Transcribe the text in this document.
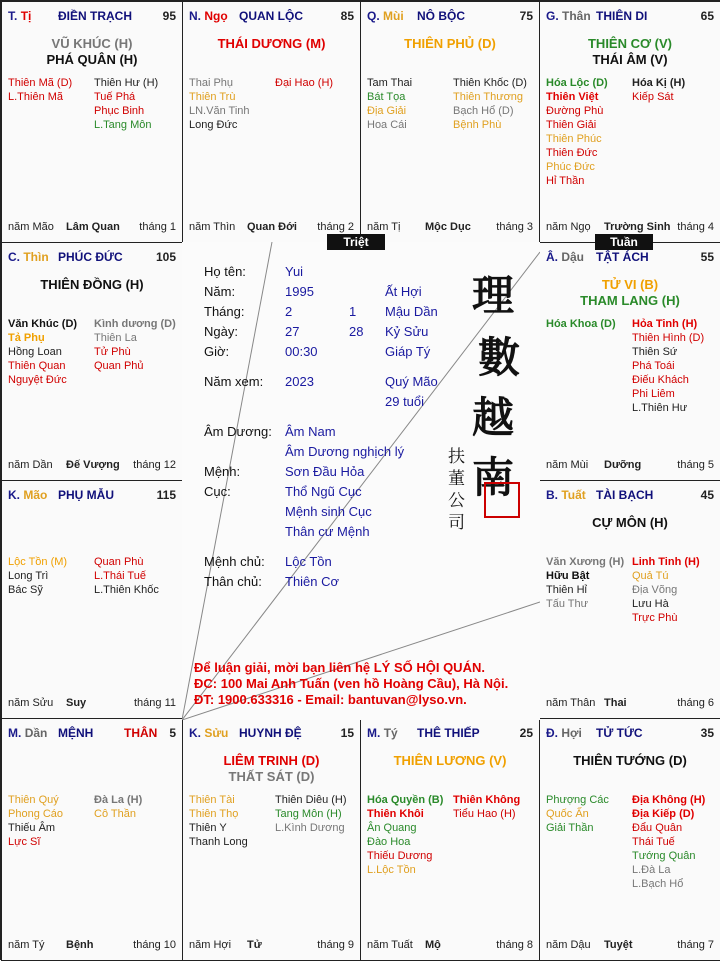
T. Tị ĐIỀN TRẠCH	95
VŨ KHÚC (H)
PHÁ QUÂN (H)
Thiên Mã (D)
L.Thiên Mã
Thiên Hư (H)
Tuế Phá
Phục Binh
L.Tang Môn
năm Mão Lâm Quan tháng 1
N. Ngọ QUAN LỘC	85
THÁI DƯƠNG (M)
Thai Phụ
Thiên Trù
LN.Văn Tinh
Long Đức
Đại Hao (H)
năm Thìn Quan Đới tháng 2
Q. Mùi NÔ BỘC	75
THIÊN PHỦ (D)
Tam Thai
Bát Tọa
Địa Giải
Hoa Cái
Thiên Khốc (D)
Thiên Thương
Bạch Hổ (D)
Bệnh Phù
năm Tị Mộc Dục tháng 3
G. Thân THIÊN DI	65
THIÊN CƠ (V)
THÁI ÂM (V)
Hóa Lộc (D)
Thiên Việt
Đường Phù
Thiên Giải
Thiên Phúc
Thiên Đức
Phúc Đức
Hỉ Thần
Hóa Kị (H)
Kiếp Sát
năm Ngọ Trường Sinh tháng 4
C. Thìn PHÚC ĐỨC	105
THIÊN ĐỒNG (H)
Văn Khúc (D)
Tả Phụ
Hồng Loan
Thiên Quan
Nguyệt Đức
Kình dương (D)
Thiên La
Tử Phù
Quan Phủ
năm Dần Đế Vượng tháng 12
Â. Dậu TẬT ÁCH	55
TỬ VI (B)
THAM LANG (H)
Hóa Khoa (D) Hỏa Tinh (H)
Thiên Hình (D)
Thiên Sứ
Phá Toái
Điếu Khách
Phi Liêm
L.Thiên Hư
năm Mùi Dưỡng	tháng 5
K. Mão PHỤ MẪU	115
Lộc Tồn (M)
Long Trì
Bác Sỹ
Quan Phù
L.Thái Tuế
L.Thiên Khốc
năm Sửu Suy	tháng 11
B. Tuất TÀI BẠCH	45
CỰ MÔN (H)
Văn Xương (H)
Hữu Bật
Thiên Hỉ
Tấu Thư
Linh Tinh (H)
Quả Tú
Địa Võng
Lưu Hà
Trực Phù
năm Thân Thai	tháng 6
M. Dần MỆNH	5
Thiên Quý
Phong Cáo
Thiếu Âm
Lực Sĩ
Đà La (H)
Cô Thần
năm Tý Bệnh	tháng 10
THÂN	K. Sửu HUYNH ĐỆ	15
LIÊM TRINH (D)
THẤT SÁT (D)
Thiên Tài
Thiên Thọ
Thiên Y
Thanh Long
Thiên Diêu (H)
Tang Môn (H)
L.Kình Dương
năm Hợi Tử	tháng 9
M. Tý THÊ THIẾP	25
THIÊN LƯƠNG (V)
Hóa Quyền (B)
Thiên Khôi
Ân Quang
Đào Hoa
Thiếu Dương
L.Lộc Tồn
Thiên Không
Tiểu Hao (H)
năm Tuất Mộ	tháng 8
Đ. Hợi TỬ TỨC	35
THIÊN TƯỚNG (D)
Phượng Các
Quốc Ấn
Giải Thần
Địa Không (H)
Địa Kiếp (D)
Đẩu Quân
Thái Tuế
Tướng Quân
L.Đà La
L.Bạch Hổ
năm Dậu Tuyệt	tháng 7
Họ tên:	Yui
Năm:	1995	Ất Hợi
Tháng:	2	1 Mậu Dần
Ngày:	27	28 Kỷ Sửu
Giờ:	00:30	Giáp Tý
Năm xem: 2023	Quý Mão
29 tuổi
Âm Dương: Âm Nam
Âm Dương nghịch lý
Mệnh:	Sơn Đầu Hỏa
Cục:	Thổ Ngũ Cục
Mệnh sinh Cục
Thân cư Mệnh
Mệnh chủ: Lộc Tồn
Thân chủ: Thiên Cơ
理
數
越
南
扶
董
公
司
Để luận giải, mời bạn liên hệ LÝ SỐ HỘI QUÁN.
ĐC: 100 Mai Anh Tuấn (ven hồ Hoàng Cầu), Hà Nội.
ĐT: 1900.633316 - Email: bantuvan@lyso.vn.
Triệt	Tuần
